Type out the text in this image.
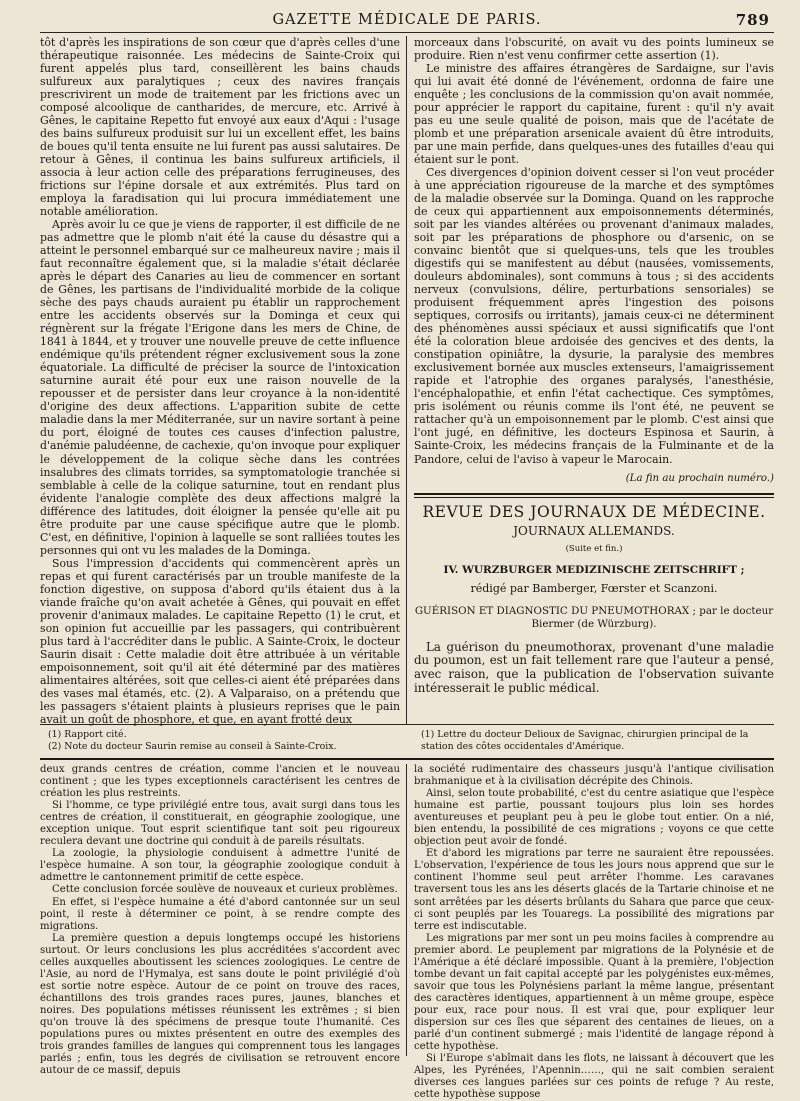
GAZETTE MÉDICALE DE PARIS.	789

tôt d'après les inspirations de son cœur que d'après celles d'une thérapeutique raisonnée. Les médecins de Sainte-Croix qui furent appelés plus tard, conseillèrent les bains chauds sulfureux aux paralytiques ; ceux des navires français prescrivirent un mode de traitement par les frictions avec un composé alcoolique de cantharides, de mercure, etc. Arrivé à Gênes, le capitaine Repetto fut envoyé aux eaux d'Aqui : l'usage des bains sulfureux produisit sur lui un excellent effet, les bains de boues qu'il tenta ensuite ne lui furent pas aussi salutaires. De retour à Gênes, il continua les bains sulfureux artificiels, il associa à leur action celle des préparations ferrugineuses, des frictions sur l'épine dorsale et aux extrémités. Plus tard on employa la faradisation qui lui procura immédiatement une notable amélioration.

Après avoir lu ce que je viens de rapporter, il est difficile de ne pas admettre que le plomb n'ait été la cause du désastre qui a atteint le personnel embarqué sur ce malheureux navire ; mais il faut reconnaître également que, si la maladie s'était déclarée après le départ des Canaries au lieu de commencer en sortant de Gênes, les partisans de l'individualité morbide de la colique sèche des pays chauds auraient pu établir un rapprochement entre les accidents observés sur la Dominga et ceux qui régnèrent sur la frégate l'Erigone dans les mers de Chine, de 1841 à 1844, et y trouver une nouvelle preuve de cette influence endémique qu'ils prétendent régner exclusivement sous la zone équatoriale. La difficulté de préciser la source de l'intoxication saturnine aurait été pour eux une raison nouvelle de la repousser et de persister dans leur croyance à la non-identité d'origine des deux affections. L'apparition subite de cette maladie dans la mer Méditerranée, sur un navire sortant à peine du port, éloigné de toutes ces causes d'infection palustre, d'anémie paludéenne, de cachexie, qu'on invoque pour expliquer le développement de la colique sèche dans les contrées insalubres des climats torrides, sa symptomatologie tranchée si semblable à celle de la colique saturnine, tout en rendant plus évidente l'analogie complète des deux affections malgré la différence des latitudes, doit éloigner la pensée qu'elle ait pu être produite par une cause spécifique autre que le plomb. C'est, en définitive, l'opinion à laquelle se sont ralliées toutes les personnes qui ont vu les malades de la Dominga.

Sous l'impression d'accidents qui commencèrent après un repas et qui furent caractérisés par un trouble manifeste de la fonction digestive, on supposa d'abord qu'ils étaient dus à la viande fraîche qu'on avait achetée à Gênes, qui pouvait en effet provenir d'animaux malades. Le capitaine Repetto (1) le crut, et son opinion fut accueillie par les passagers, qui contribuèrent plus tard à l'accréditer dans le public. A Sainte-Croix, le docteur Saurin disait : Cette maladie doit être attribuée à un véritable empoisonnement, soit qu'il ait été déterminé par des matières alimentaires altérées, soit que celles-ci aient été préparées dans des vases mal étamés, etc. (2). A Valparaiso, on a prétendu que les passagers s'étaient plaints à plusieurs reprises que le pain avait un goût de phosphore, et que, en ayant frotté deux

morceaux dans l'obscurité, on avait vu des points lumineux se produire. Rien n'est venu confirmer cette assertion (1).

Le ministre des affaires étrangères de Sardaigne, sur l'avis qui lui avait été donné de l'événement, ordonna de faire une enquête ; les conclusions de la commission qu'on avait nommée, pour apprécier le rapport du capitaine, furent : qu'il n'y avait pas eu une seule qualité de poison, mais que de l'acétate de plomb et une préparation arsenicale avaient dû être introduits, par une main perfide, dans quelques-unes des futailles d'eau qui étaient sur le pont.

Ces divergences d'opinion doivent cesser si l'on veut procéder à une appréciation rigoureuse de la marche et des symptômes de la maladie observée sur la Dominga. Quand on les rapproche de ceux qui appartiennent aux empoisonnements déterminés, soit par les viandes altérées ou provenant d'animaux malades, soit par les préparations de phosphore ou d'arsenic, on se convainc bientôt que si quelques-uns, tels que les troubles digestifs qui se manifestent au début (nausées, vomissements, douleurs abdominales), sont communs à tous ; si des accidents nerveux (convulsions, délire, perturbations sensoriales) se produisent fréquemment après l'ingestion des poisons septiques, corrosifs ou irritants), jamais ceux-ci ne déterminent des phénomènes aussi spéciaux et aussi significatifs que l'ont été la coloration bleue ardoisée des gencives et des dents, la constipation opiniâtre, la dysurie, la paralysie des membres exclusivement bornée aux muscles extenseurs, l'amaigrissement rapide et l'atrophie des organes paralysés, l'anesthésie, l'encéphalopathie, et enfin l'état cachectique. Ces symptômes, pris isolément ou réunis comme ils l'ont été, ne peuvent se rattacher qu'à un empoisonnement par le plomb. C'est ainsi que l'ont jugé, en définitive, les docteurs Espinosa et Saurin, à Sainte-Croix, les médecins français de la Fulminante et de la Pandore, celui de l'aviso à vapeur le Marocain.

(La fin au prochain numéro.)
REVUE DES JOURNAUX DE MÉDECINE.
JOURNAUX ALLEMANDS.
(Suite et fin.)
IV. WURZBURGER MEDIZINISCHE ZEITSCHRIFT ;
rédigé par Bamberger, Fœrster et Scanzoni.
GUÉRISON ET DIAGNOSTIC DU PNEUMOTHORAX ; par le docteur Biermer (de Würzburg).

La guérison du pneumothorax, provenant d'une maladie du poumon, est un fait tellement rare que l'auteur a pensé, avec raison, que la publication de l'observation suivante intéresserait le public médical.

(1) Rapport cité.
(2) Note du docteur Saurin remise au conseil à Sainte-Croix.
(1) Lettre du docteur Delioux de Savignac, chirurgien principal de la station des côtes occidentales d'Amérique.

deux grands centres de création, comme l'ancien et le nouveau continent ; que les types exceptionnels caractérisent les centres de création les plus restreints.

Si l'homme, ce type privilégié entre tous, avait surgi dans tous les centres de création, il constituerait, en géographie zoologique, une exception unique. Tout esprit scientifique tant soit peu rigoureux reculera devant une doctrine qui conduit à de pareils résultats.

La zoologie, la physiologie conduisent à admettre l'unité de l'espèce humaine. A son tour, la géographie zoologique conduit à admettre le cantonnement primitif de cette espèce.

Cette conclusion forcée soulève de nouveaux et curieux problèmes.

En effet, si l'espèce humaine a été d'abord cantonnée sur un seul point, il reste à déterminer ce point, à se rendre compte des migrations.

La première question a depuis longtemps occupé les historiens surtout. Or leurs conclusions les plus accréditées s'accordent avec celles auxquelles aboutissent les sciences zoologiques. Le centre de l'Asie, au nord de l'Hymalya, est sans doute le point privilégié d'où est sortie notre espèce. Autour de ce point on trouve des races, échantillons des trois grandes races pures, jaunes, blanches et noires. Des populations métisses réunissent les extrêmes ; si bien qu'on trouve là des spécimens de presque toute l'humanité. Ces populations pures ou mixtes présentent en outre des exemples des trois grandes familles de langues qui comprennent tous les langages parlés ; enfin, tous les degrés de civilisation se retrouvent encore autour de ce massif, depuis

la société rudimentaire des chasseurs jusqu'à l'antique civilisation brahmanique et à la civilisation décrépite des Chinois.

Ainsi, selon toute probabilité, c'est du centre asiatique que l'espèce humaine est partie, poussant toujours plus loin ses hordes aventureuses et peuplant peu à peu le globe tout entier. On a nié, bien entendu, la possibilité de ces migrations ; voyons ce que cette objection peut avoir de fondé.

Et d'abord les migrations par terre ne sauraient être repoussées. L'observation, l'expérience de tous les jours nous apprend que sur le continent l'homme seul peut arrêter l'homme. Les caravanes traversent tous les ans les déserts glacés de la Tartarie chinoise et ne sont arrêtées par les déserts brûlants du Sahara que parce que ceux-ci sont peuplés par les Touaregs. La possibilité des migrations par terre est indiscutable.

Les migrations par mer sont un peu moins faciles à comprendre au premier abord. Le peuplement par migrations de la Polynésie et de l'Amérique a été déclaré impossible. Quant à la première, l'objection tombe devant un fait capital accepté par les polygénistes eux-mêmes, savoir que tous les Polynésiens parlant la même langue, présentant des caractères identiques, appartiennent à un même groupe, espèce pour eux, race pour nous. Il est vrai que, pour expliquer leur dispersion sur ces îles que séparent des centaines de lieues, on a parlé d'un continent submergé ; mais l'identité de langage répond à cette hypothèse.

Si l'Europe s'abîmait dans les flots, ne laissant à découvert que les Alpes, les Pyrénées, l'Apennin……, qui ne sait combien seraient diverses ces langues parlées sur ces points de refuge ? Au reste, cette hypothèse suppose
